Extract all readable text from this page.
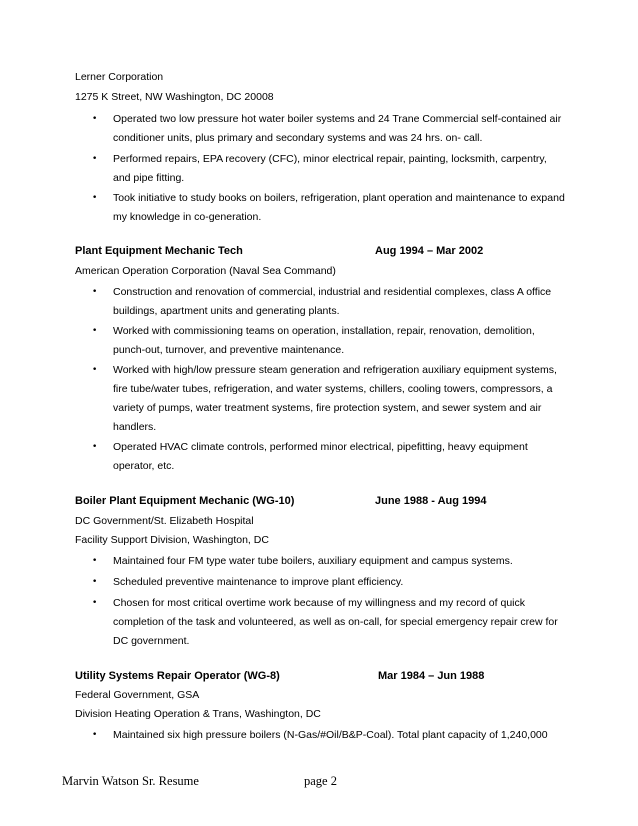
Lerner Corporation
1275 K Street, NW Washington, DC 20008
• Operated two low pressure hot water boiler systems and 24 Trane Commercial self-contained air
conditioner units, plus primary and secondary systems and was 24 hrs. on- call.
• Performed repairs, EPA recovery (CFC), minor electrical repair, painting, locksmith, carpentry,
and pipe fitting.
• Took initiative to study books on boilers, refrigeration, plant operation and maintenance to expand
my knowledge in co-generation.
Plant Equipment Mechanic Tech	Aug 1994 – Mar 2002
American Operation Corporation (Naval Sea Command)
• Construction and renovation of commercial, industrial and residential complexes, class A office
buildings, apartment units and generating plants.
• Worked with commissioning teams on operation, installation, repair, renovation, demolition,
punch-out, turnover, and preventive maintenance.
• Worked with high/low pressure steam generation and refrigeration auxiliary equipment systems,
fire tube/water tubes, refrigeration, and water systems, chillers, cooling towers, compressors, a
variety of pumps, water treatment systems, fire protection system, and sewer system and air
handlers.
• Operated HVAC climate controls, performed minor electrical, pipefitting, heavy equipment
operator, etc.
Boiler Plant Equipment Mechanic (WG-10)	June 1988 - Aug 1994
DC Government/St. Elizabeth Hospital
Facility Support Division, Washington, DC
• Maintained four FM type water tube boilers, auxiliary equipment and campus systems.
• Scheduled preventive maintenance to improve plant efficiency.
• Chosen for most critical overtime work because of my willingness and my record of quick
completion of the task and volunteered, as well as on-call, for special emergency repair crew for
DC government.
Utility Systems Repair Operator (WG-8)	Mar 1984 – Jun 1988
Federal Government, GSA
Division Heating Operation & Trans, Washington, DC
• Maintained six high pressure boilers (N-Gas/#Oil/B&P-Coal). Total plant capacity of 1,240,000
Marvin Watson Sr. Resume	page 2
